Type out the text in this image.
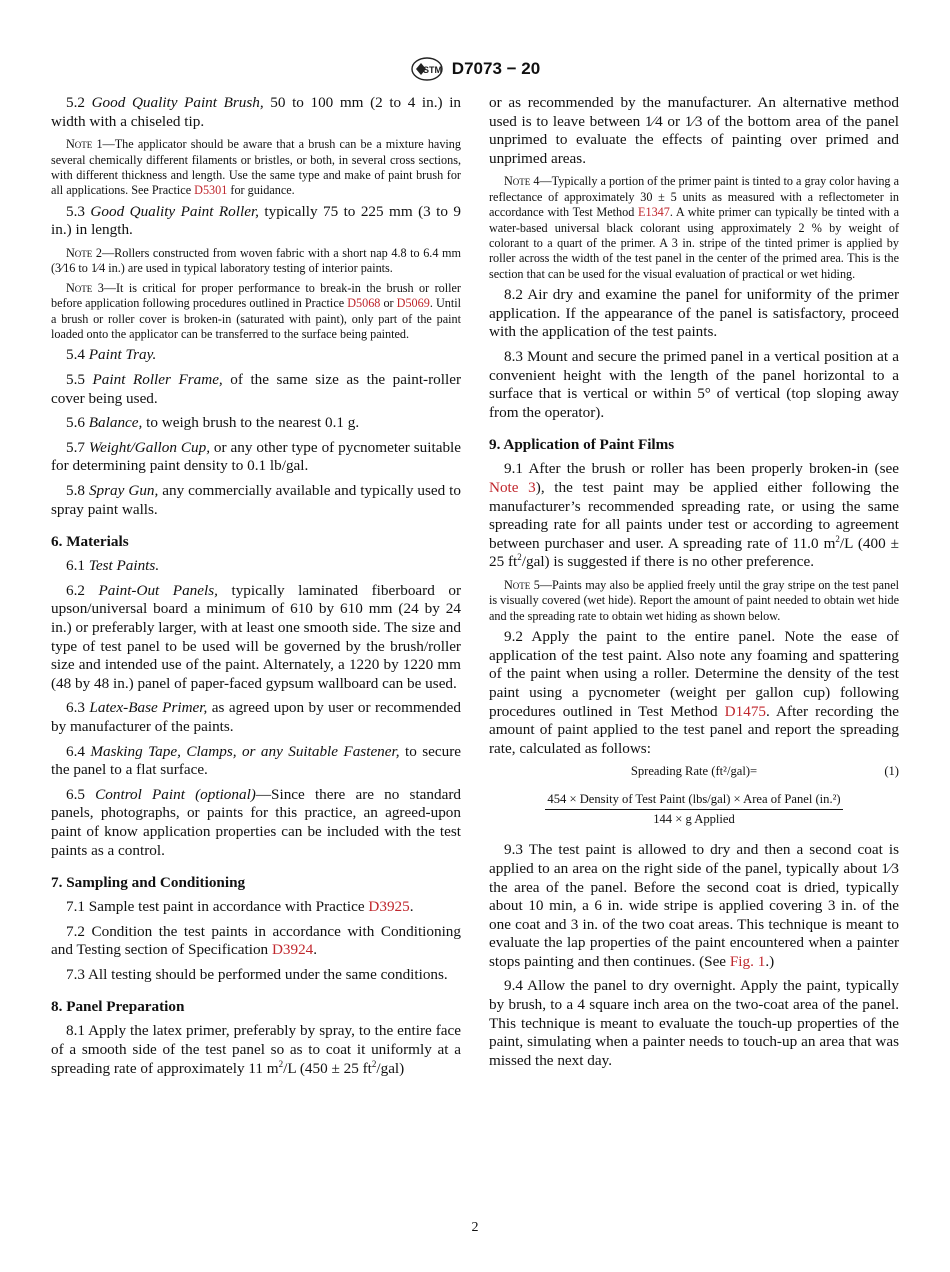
STM D7073 − 20

5.2 Good Quality Paint Brush, 50 to 100 mm (2 to 4 in.) in width with a chiseled tip.

Note 1—The applicator should be aware that a brush can be a mixture having several chemically different filaments or bristles, or both, in several cross sections, with different thickness and length. Use the same type and make of paint brush for all applications. See Practice D5301 for guidance.

5.3 Good Quality Paint Roller, typically 75 to 225 mm (3 to 9 in.) in length.

Note 2—Rollers constructed from woven fabric with a short nap 4.8 to 6.4 mm (3⁄16 to 1⁄4 in.) are used in typical laboratory testing of interior paints.

Note 3—It is critical for proper performance to break-in the brush or roller before application following procedures outlined in Practice D5068 or D5069. Until a brush or roller cover is broken-in (saturated with paint), only part of the paint loaded onto the applicator can be transferred to the surface being painted.

5.4 Paint Tray.

5.5 Paint Roller Frame, of the same size as the paint-roller cover being used.

5.6 Balance, to weigh brush to the nearest 0.1 g.

5.7 Weight/Gallon Cup, or any other type of pycnometer suitable for determining paint density to 0.1 lb/gal.

5.8 Spray Gun, any commercially available and typically used to spray paint walls.

6. Materials

6.1 Test Paints.

6.2 Paint-Out Panels, typically laminated fiberboard or upson/universal board a minimum of 610 by 610 mm (24 by 24 in.) or preferably larger, with at least one smooth side. The size and type of test panel to be used will be governed by the brush/roller size and intended use of the paint. Alternately, a 1220 by 1220 mm (48 by 48 in.) panel of paper-faced gypsum wallboard can be used.

6.3 Latex-Base Primer, as agreed upon by user or recommended by manufacturer of the paints.

6.4 Masking Tape, Clamps, or any Suitable Fastener, to secure the panel to a flat surface.

6.5 Control Paint (optional)—Since there are no standard panels, photographs, or paints for this practice, an agreed-upon paint of know application properties can be included with the test paints as a control.

7. Sampling and Conditioning

7.1 Sample test paint in accordance with Practice D3925.

7.2 Condition the test paints in accordance with Conditioning and Testing section of Specification D3924.

7.3 All testing should be performed under the same conditions.

8. Panel Preparation

8.1 Apply the latex primer, preferably by spray, to the entire face of a smooth side of the test panel so as to coat it uniformly at a spreading rate of approximately 11 $m^2/L$ (450 ± 25 $ft^2/gal$)

or as recommended by the manufacturer. An alternative method used is to leave between 1⁄4 or 1⁄3 of the bottom area of the panel unprimed to evaluate the effects of painting over primed and unprimed areas.

Note 4—Typically a portion of the primer paint is tinted to a gray color having a reflectance of approximately 30 ± 5 units as measured with a reflectometer in accordance with Test Method E1347. A white primer can typically be tinted with a water-based universal black colorant using approximately 2 % by weight of colorant to a quart of the primer. A 3 in. stripe of the tinted primer is applied by roller across the width of the test panel in the center of the primed area. This is the section that can be used for the visual evaluation of practical or wet hiding.

8.2 Air dry and examine the panel for uniformity of the primer application. If the appearance of the panel is satisfactory, proceed with the application of the test paints.

8.3 Mount and secure the primed panel in a vertical position at a convenient height with the length of the panel horizontal to a surface that is vertical or within 5° of vertical (top sloping away from the operator).

9. Application of Paint Films

9.1 After the brush or roller has been properly broken-in (see Note 3), the test paint may be applied either following the manufacturer’s recommended spreading rate, or using the same spreading rate for all paints under test or according to agreement between purchaser and user. A spreading rate of 11.0 $m^2/L$ (400 ± 25 $ft^2/gal$) is suggested if there is no other preference.

Note 5—Paints may also be applied freely until the gray stripe on the test panel is visually covered (wet hide). Report the amount of paint needed to obtain wet hide and the spreading rate to obtain wet hiding as shown below.

9.2 Apply the paint to the entire panel. Note the ease of application of the test paint. Also note any foaming and spattering of the paint when using a roller. Determine the density of the test paint using a pycnometer (weight per gallon cup) following procedures outlined in Test Method D1475. After recording the amount of paint applied to the test panel and report the spreading rate, calculated as follows:

Spreading Rate (ft²/gal)=	(1)
454 × Density of Test Paint (lbs/gal) × Area of Panel (in.²)
144 × g Applied

9.3 The test paint is allowed to dry and then a second coat is applied to an area on the right side of the panel, typically about 1⁄3 the area of the panel. Before the second coat is dried, typically about 10 min, a 6 in. wide stripe is applied covering 3 in. of the one coat and 3 in. of the two coat areas. This technique is meant to evaluate the lap properties of the paint encountered when a painter stops painting and then continues. (See Fig. 1.)

9.4 Allow the panel to dry overnight. Apply the paint, typically by brush, to a 4 square inch area on the two-coat area of the panel. This technique is meant to evaluate the touch-up properties of the paint, simulating when a painter needs to touch-up an area that was missed the next day.

2
